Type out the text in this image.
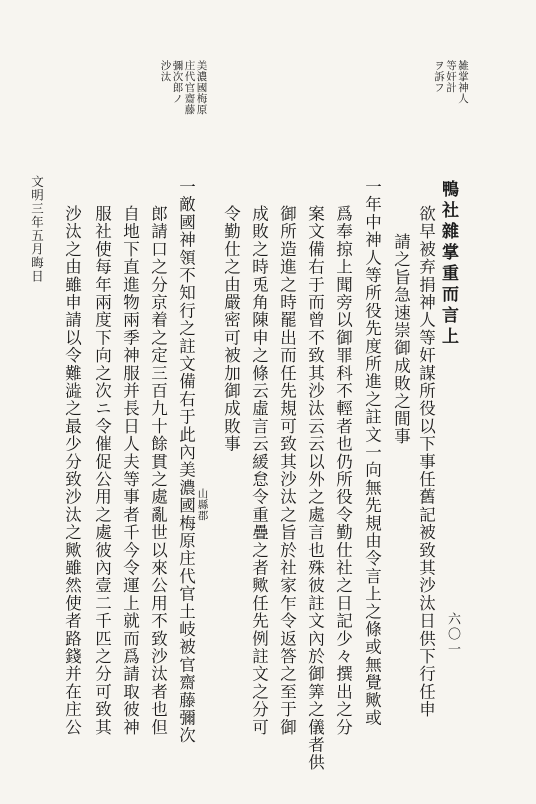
雑掌神人
等奸計
ヲ訴フ
美濃國梅原
庄代官齋藤
彌次郎ノ
沙汰
鴨社雜掌重而言上
欲早被弃捐神人等奸謀所役以下事任舊記被致其沙汰日供下行任申
請之旨急速崇御成敗之間事
一年中神人等所役先度所進之註文一向無先規由令言上之條或無覺歟或
爲奉掠上聞旁以御罪科不輕者也仍所役令勤仕社之日記少々撰出之分
案文備右于而曾不致其沙汰云云以外之處言也殊彼註文內於御筭之儀者供
御所造進之時罷出而任先規可致其沙汰之旨於社家乍令返答之至于御
成敗之時兎角陳申之條云虛言云緩怠令重疊之者歟任先例註文之分可
令勤仕之由嚴密可被加御成敗事
一敵國神領不知行之註文備右于此內美濃國梅原庄代官土岐被官齋藤彌次
郎請口之分京着之定三百九十餘貫之處亂世以來公用不致沙汰者也但
自地下直進物兩季神服并長日人夫等事者千今令運上就而爲請取彼神
服社使每年兩度下向之次ニ令催促公用之處彼內壹二千匹之分可致其
沙汰之由雖申請以令難澁之最少分致沙汰之歟雖然使者路錢并在庄公	山縣郡
文明三年五月晦日
六〇一
